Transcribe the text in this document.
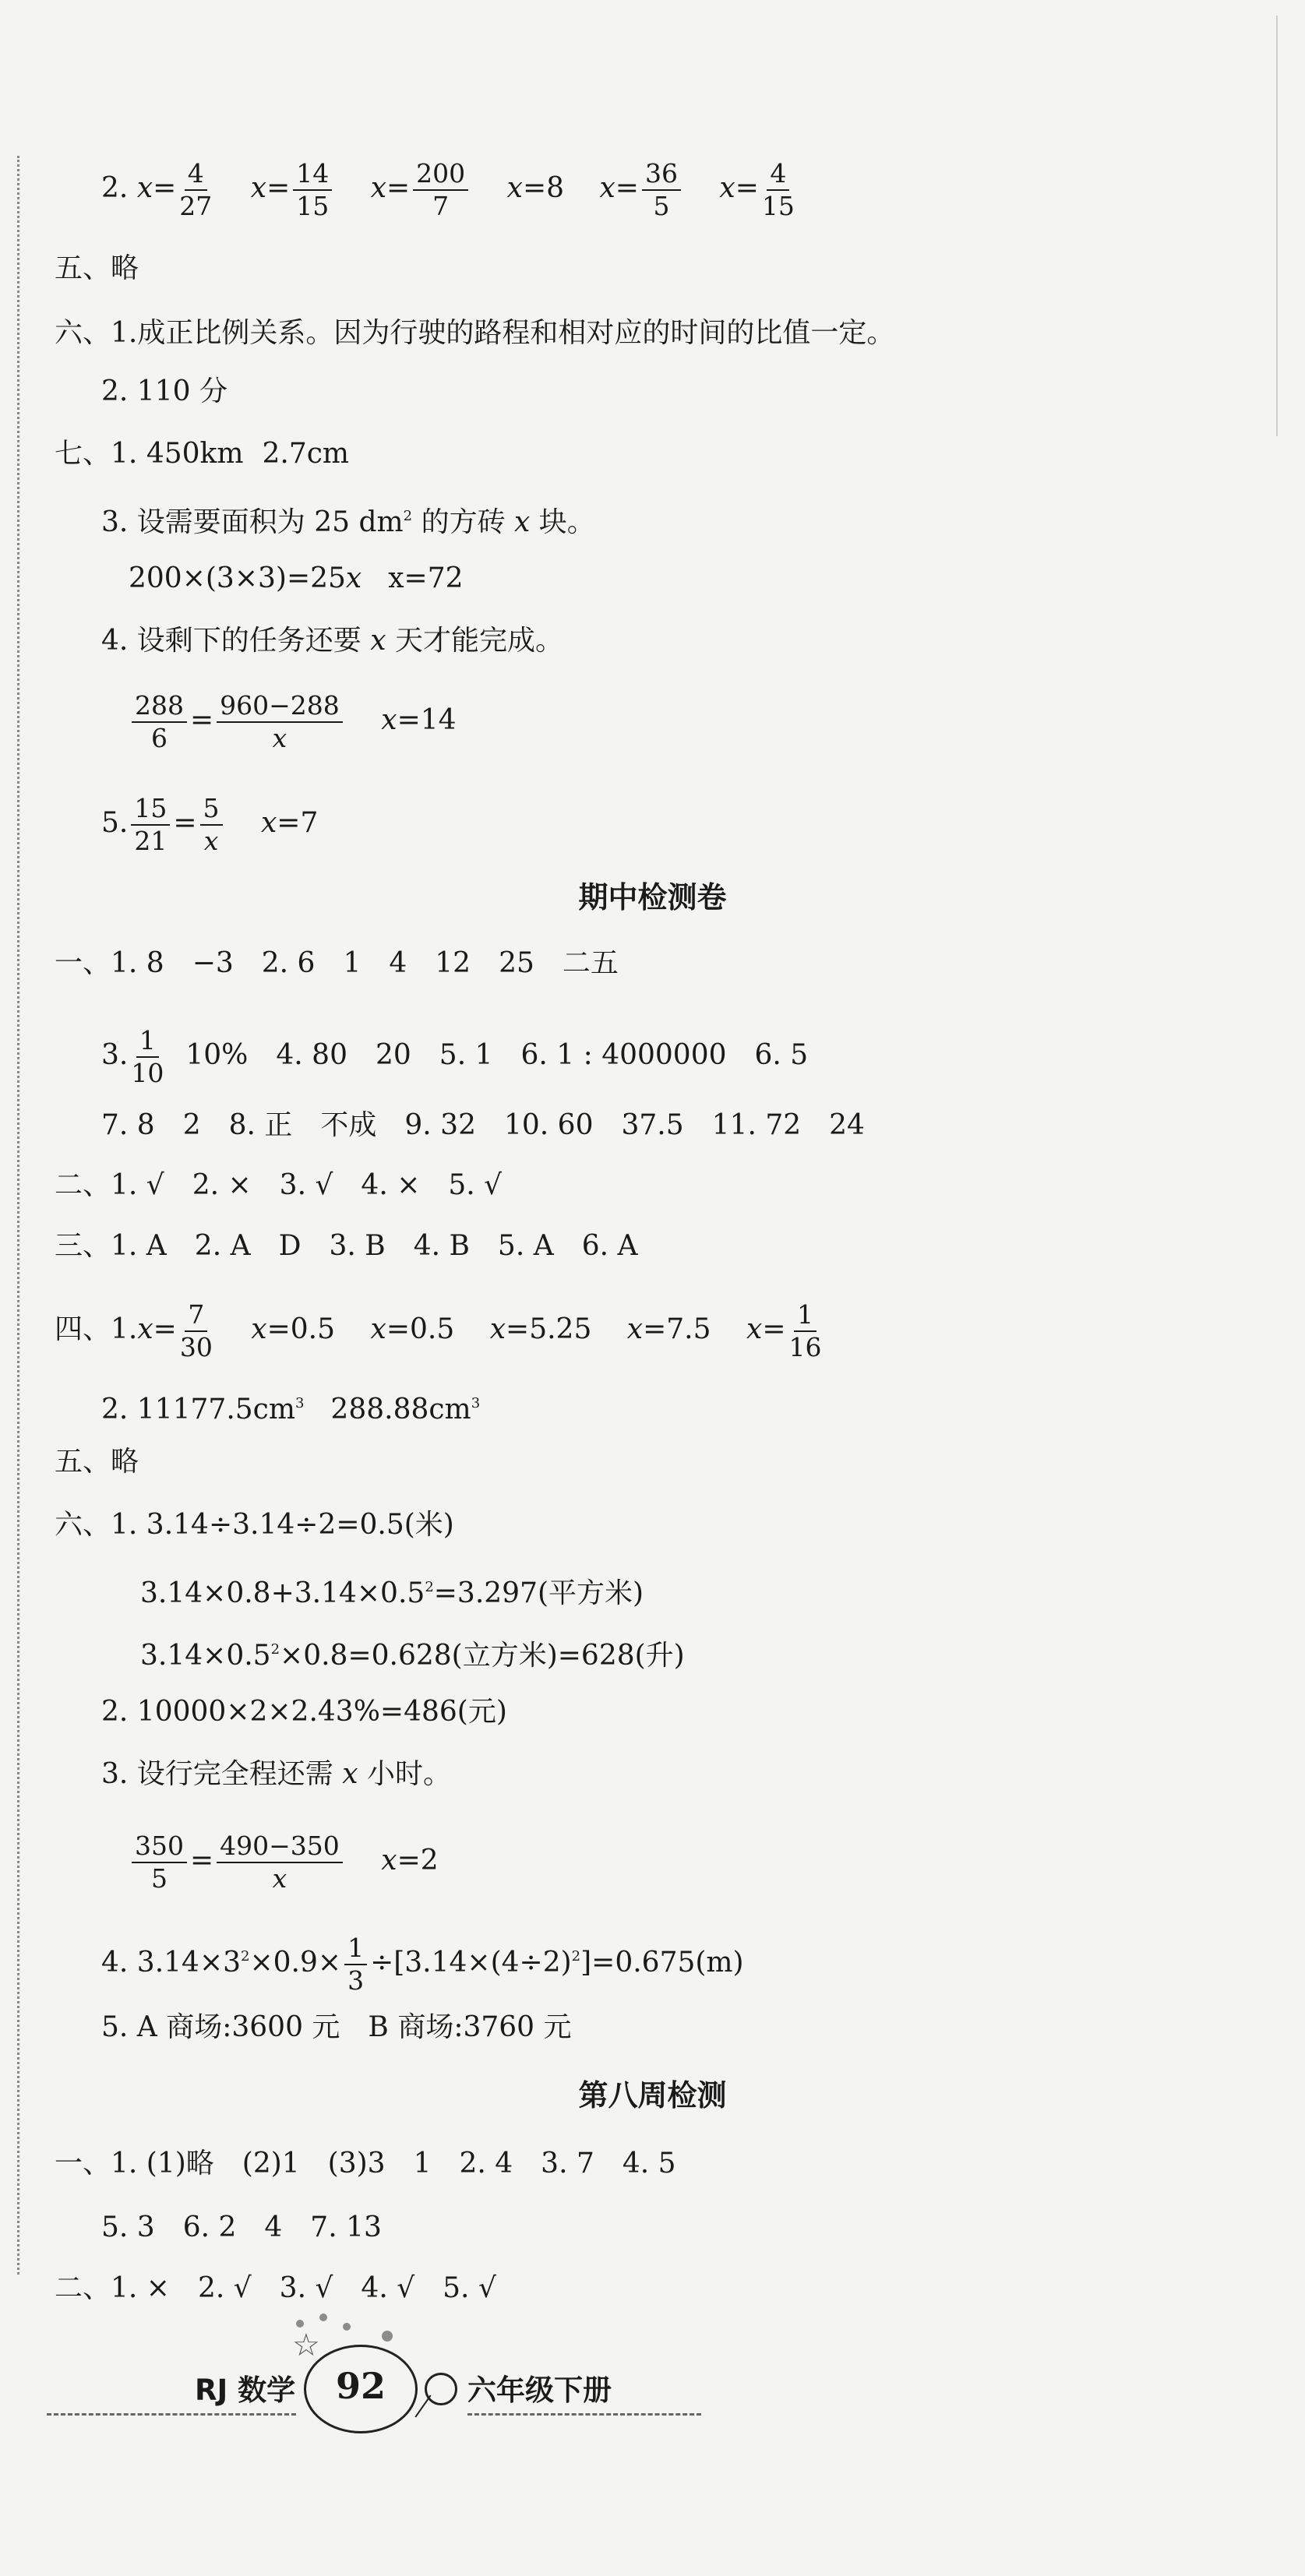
2. $x= \frac{4}{27} x= \frac{14}{15} x= \frac{200}{7} x=8$ $x= \frac{36}{5} x= \frac{4}{15}$
五、略
六、1.成正比例关系。因为行驶的路程和相对应的时间的比值一定。
2. 110 分
七、1. 450km 2.7cm
3. 设需要面积为 25 $dm^2$ 的方砖 x 块。
200×(3×3)=25x x=72
4. 设剩下的任务还要 x 天才能完成。
$\frac{288}{6} = \frac{960-288}{x} x=14$
5. $\frac{15}{21} = \frac{5}{x} x=7$
期中检测卷
一、1. 8　−3　2. 6　1　4　12　25　二五
3. $\frac{1}{10} 10\%$　4. 80　20　5. 1　6. 1 : 4000000　6. 5
7. 8　2　8. 正　不成　9. 32　10. 60　37.5　11. 72　24
二、1. √　2. ×　3. √　4. ×　5. √
三、1. A　2. A　D　3. B　4. B　5. A　6. A
四、$1.x= \frac{7}{30} x=0.5$ x=0.5 x=5.25 x=7.5 $x= \frac{1}{16}$
2. $11177.5cm^3$ $288.88cm^3$
五、略
六、1. 3.14÷3.14÷2=0.5(米)
$3.14\times 0.8+3.14\times 0.5^2=3.297$(平方米)
$3.14\times 0.5^2\times 0.8=0.628$(立方米)=628(升)
2. 10000×2×2.43%=486(元)
3. 设行完全程还需 x 小时。
$\frac{350}{5} = \frac{490-350}{x} x=2$
4. $3.14\times 3^2\times 0.9\times \frac{1}{3} \div[3.14\times(4\div 2)^2]=0.675(m)$
5. A 商场:3600 元　B 商场:3760 元
第八周检测
一、1. (1)略　(2)1　(3)3　1　2. 4　3. 7　4. 5
5. 3　6. 2　4　7. 13
二、1. ×　2. √　3. √　4. √　5. √
☆
RJ 数学	92	六年级下册
